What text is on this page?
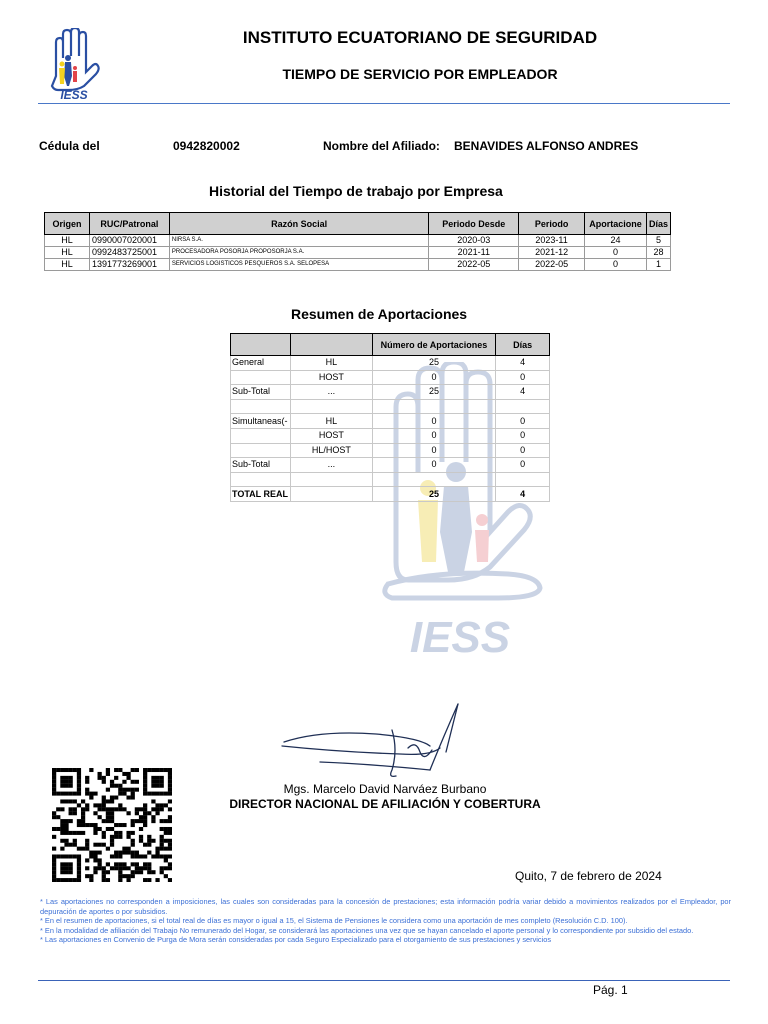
IESS
INSTITUTO ECUATORIANO DE SEGURIDAD
TIEMPO DE SERVICIO POR EMPLEADOR
Cédula del	0942820002	Nombre del Afiliado: BENAVIDES ALFONSO ANDRES
Historial del Tiempo de trabajo por Empresa
Origen	RUC/Patronal	Razón Social	Periodo Desde	Periodo	Aportacione	Días
HL	0990007020001	NIRSA S.A.	2020-03	2023-11	24	5
HL	0992483725001	PROCESADORA POSORJA PROPOSORJA S.A.	2021-11	2021-12	0	28
HL	1391773269001	SERVICIOS LOGISTICOS PESQUEROS S.A. SELOPESA	2022-05	2022-05	0	1
Resumen de Aportaciones
IESS
		Número de Aportaciones	Días
General	HL	25	4
	HOST	0	0
Sub-Total	...	25	4

Simultaneas(-	HL	0	0
	HOST	0	0
	HL/HOST	0	0
Sub-Total	...	0	0

TOTAL REAL		25	4
Mgs. Marcelo David Narváez Burbano
DIRECTOR NACIONAL DE AFILIACIÓN Y COBERTURA
Quito, 7 de febrero de 2024

* Las aportaciones no corresponden a imposiciones, las cuales son consideradas para la concesión de prestaciones; esta información podría variar debido a movimientos realizados por el Empleador, por depuración de aportes o por subsidios.

* En el resumen de aportaciones, si el total real de días es mayor o igual a 15, el Sistema de Pensiones le considera como una aportación de mes completo (Resolución C.D. 100).

* En la modalidad de afiliación del Trabajo No remunerado del Hogar, se considerará las aportaciones una vez que se hayan cancelado el aporte personal y lo correspondiente por subsidio del estado.

* Las aportaciones en Convenio de Purga de Mora serán consideradas por cada Seguro Especializado para el otorgamiento de sus prestaciones y servicios

Pág. 1
